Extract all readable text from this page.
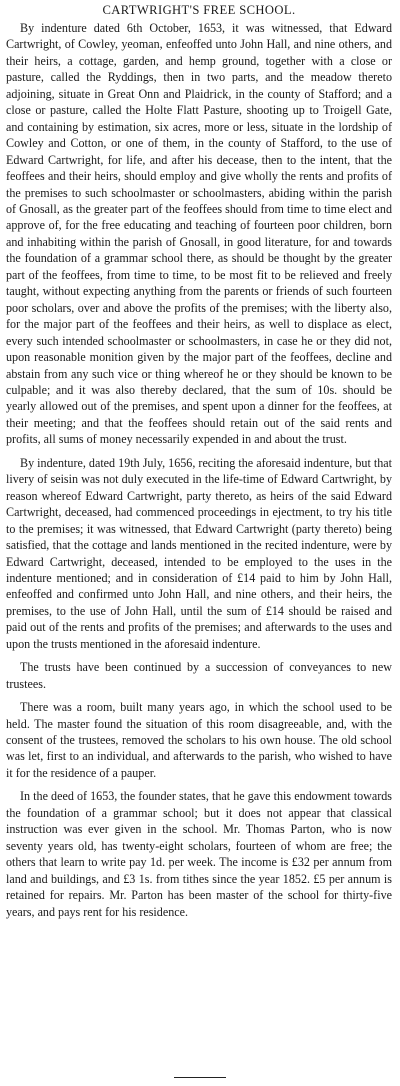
CARTWRIGHT'S FREE SCHOOL.

By indenture dated 6th October, 1653, it was witnessed, that Edward Cartwright, of Cowley, yeoman, enfeoffed unto John Hall, and nine others, and their heirs, a cottage, garden, and hemp ground, together with a close or pasture, called the Ryddings, then in two parts, and the meadow thereto adjoining, situate in Great Onn and Plaidrick, in the county of Stafford; and a close or pasture, called the Holte Flatt Pasture, shooting up to Troigell Gate, and containing by estimation, six acres, more or less, situate in the lordship of Cowley and Cotton, or one of them, in the county of Stafford, to the use of Edward Cartwright, for life, and after his decease, then to the intent, that the feoffees and their heirs, should employ and give wholly the rents and profits of the premises to such schoolmaster or schoolmasters, abiding within the parish of Gnosall, as the greater part of the feoffees should from time to time elect and approve of, for the free educating and teaching of fourteen poor children, born and inhabiting within the parish of Gnosall, in good literature, for and towards the foundation of a grammar school there, as should be thought by the greater part of the feoffees, from time to time, to be most fit to be relieved and freely taught, without expecting anything from the parents or friends of such fourteen poor scholars, over and above the profits of the premises; with the liberty also, for the major part of the feoffees and their heirs, as well to displace as elect, every such intended schoolmaster or schoolmasters, in case he or they did not, upon reasonable monition given by the major part of the feoffees, decline and abstain from any such vice or thing whereof he or they should be known to be culpable; and it was also thereby declared, that the sum of 10s. should be yearly allowed out of the premises, and spent upon a dinner for the feoffees, at their meeting; and that the feoffees should retain out of the said rents and profits, all sums of money necessarily expended in and about the trust.

By indenture, dated 19th July, 1656, reciting the aforesaid indenture, but that livery of seisin was not duly executed in the life-time of Edward Cartwright, by reason whereof Edward Cartwright, party thereto, as heirs of the said Edward Cartwright, deceased, had commenced proceedings in ejectment, to try his title to the premises; it was witnessed, that Edward Cartwright (party thereto) being satisfied, that the cottage and lands mentioned in the recited indenture, were by Edward Cartwright, deceased, intended to be employed to the uses in the indenture mentioned; and in consideration of £14 paid to him by John Hall, enfeoffed and confirmed unto John Hall, and nine others, and their heirs, the premises, to the use of John Hall, until the sum of £14 should be raised and paid out of the rents and profits of the premises; and afterwards to the uses and upon the trusts mentioned in the aforesaid indenture.

The trusts have been continued by a succession of conveyances to new trustees.

There was a room, built many years ago, in which the school used to be held. The master found the situation of this room disagreeable, and, with the consent of the trustees, removed the scholars to his own house. The old school was let, first to an individual, and afterwards to the parish, who wished to have it for the residence of a pauper.

In the deed of 1653, the founder states, that he gave this endowment towards the foundation of a grammar school; but it does not appear that classical instruction was ever given in the school. Mr. Thomas Parton, who is now seventy years old, has twenty-eight scholars, fourteen of whom are free; the others that learn to write pay 1d. per week. The income is £32 per annum from land and buildings, and £3 1s. from tithes since the year 1852. £5 per annum is retained for repairs. Mr. Parton has been master of the school for thirty-five years, and pays rent for his residence.
